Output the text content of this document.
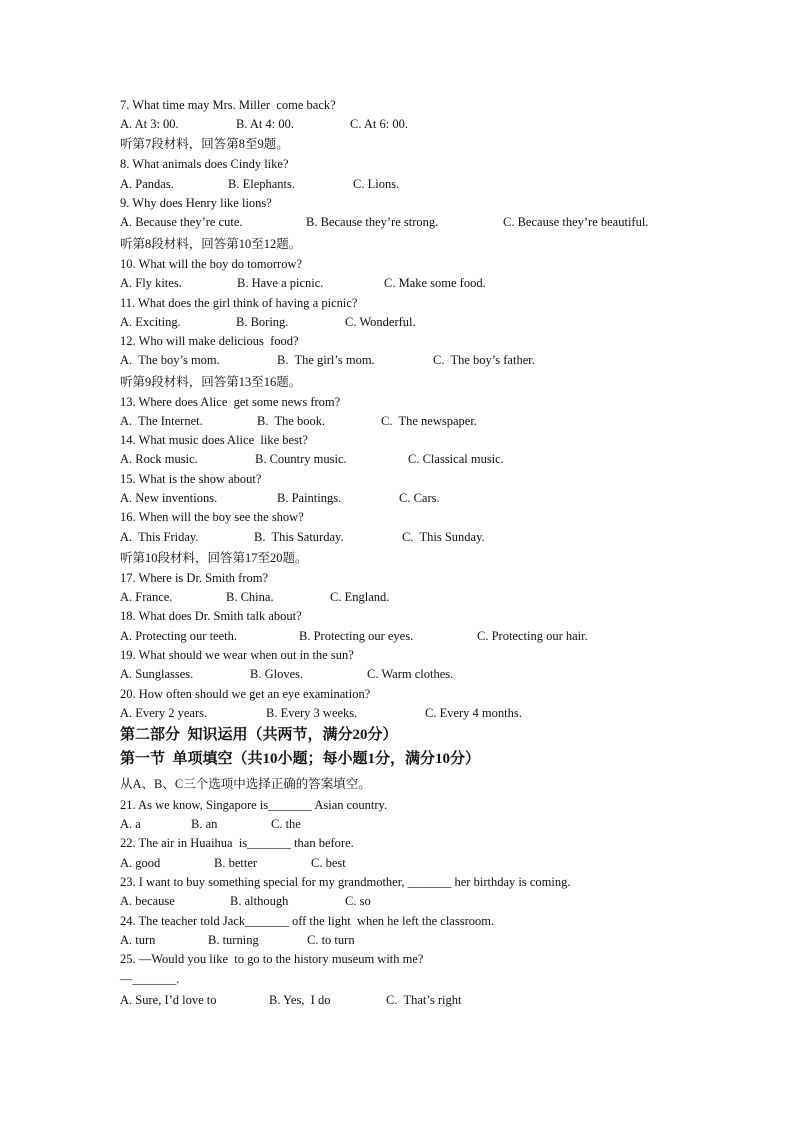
7. What time may Mrs. Miller  come back?
A. At 3: 00.	B. At 4: 00.	C. At 6: 00.
听第7段材料，回答第8至9题。
8. What animals does Cindy like?
A. Pandas.	B. Elephants.	C. Lions.
9. Why does Henry like lions?
A. Because they’re cute.	B. Because they’re strong.	C. Because they’re beautiful.
听第8段材料，回答第10至12题。
10. What will the boy do tomorrow?
A. Fly kites.	B. Have a picnic.	C. Make some food.
11. What does the girl think of having a picnic?
A. Exciting.	B. Boring.	C. Wonderful.
12. Who will make delicious  food?
A.  The boy’s mom.	B.  The girl’s mom.	C.  The boy’s father.
听第9段材料，回答第13至16题。
13. Where does Alice  get some news from?
A.  The Internet.	B.  The book.	C.  The newspaper.
14. What music does Alice  like best?
A. Rock music.	B. Country music.	C. Classical music.
15. What is the show about?
A. New inventions.	B. Paintings.	C. Cars.
16. When will the boy see the show?
A.  This Friday.	B.  This Saturday.	C.  This Sunday.
听第10段材料，回答第17至20题。
17. Where is Dr. Smith from?
A. France.	B. China.	C. England.
18. What does Dr. Smith talk about?
A. Protecting our teeth.	B. Protecting our eyes.	C. Protecting our hair.
19. What should we wear when out in the sun?
A. Sunglasses.	B. Gloves.	C. Warm clothes.
20. How often should we get an eye examination?
A. Every 2 years.	B. Every 3 weeks.	C. Every 4 months.
第二部分  知识运用（共两节，满分20分）
第一节  单项填空（共10小题；每小题1分，满分10分）
从A、B、C三个选项中选择正确的答案填空。
21. As we know, Singapore is_______ Asian country.
A. a	B. an	C. the
22. The air in Huaihua  is_______ than before.
A. good	B. better	C. best
23. I want to buy something special for my grandmother, _______ her birthday is coming.
A. because	B. although	C. so
24. The teacher told Jack_______ off the light  when he left the classroom.
A. turn	B. turning	C. to turn
25. —Would you like  to go to the history museum with me?
—_______.
A. Sure, I’d love to	B. Yes,  I do	C.  That’s right
